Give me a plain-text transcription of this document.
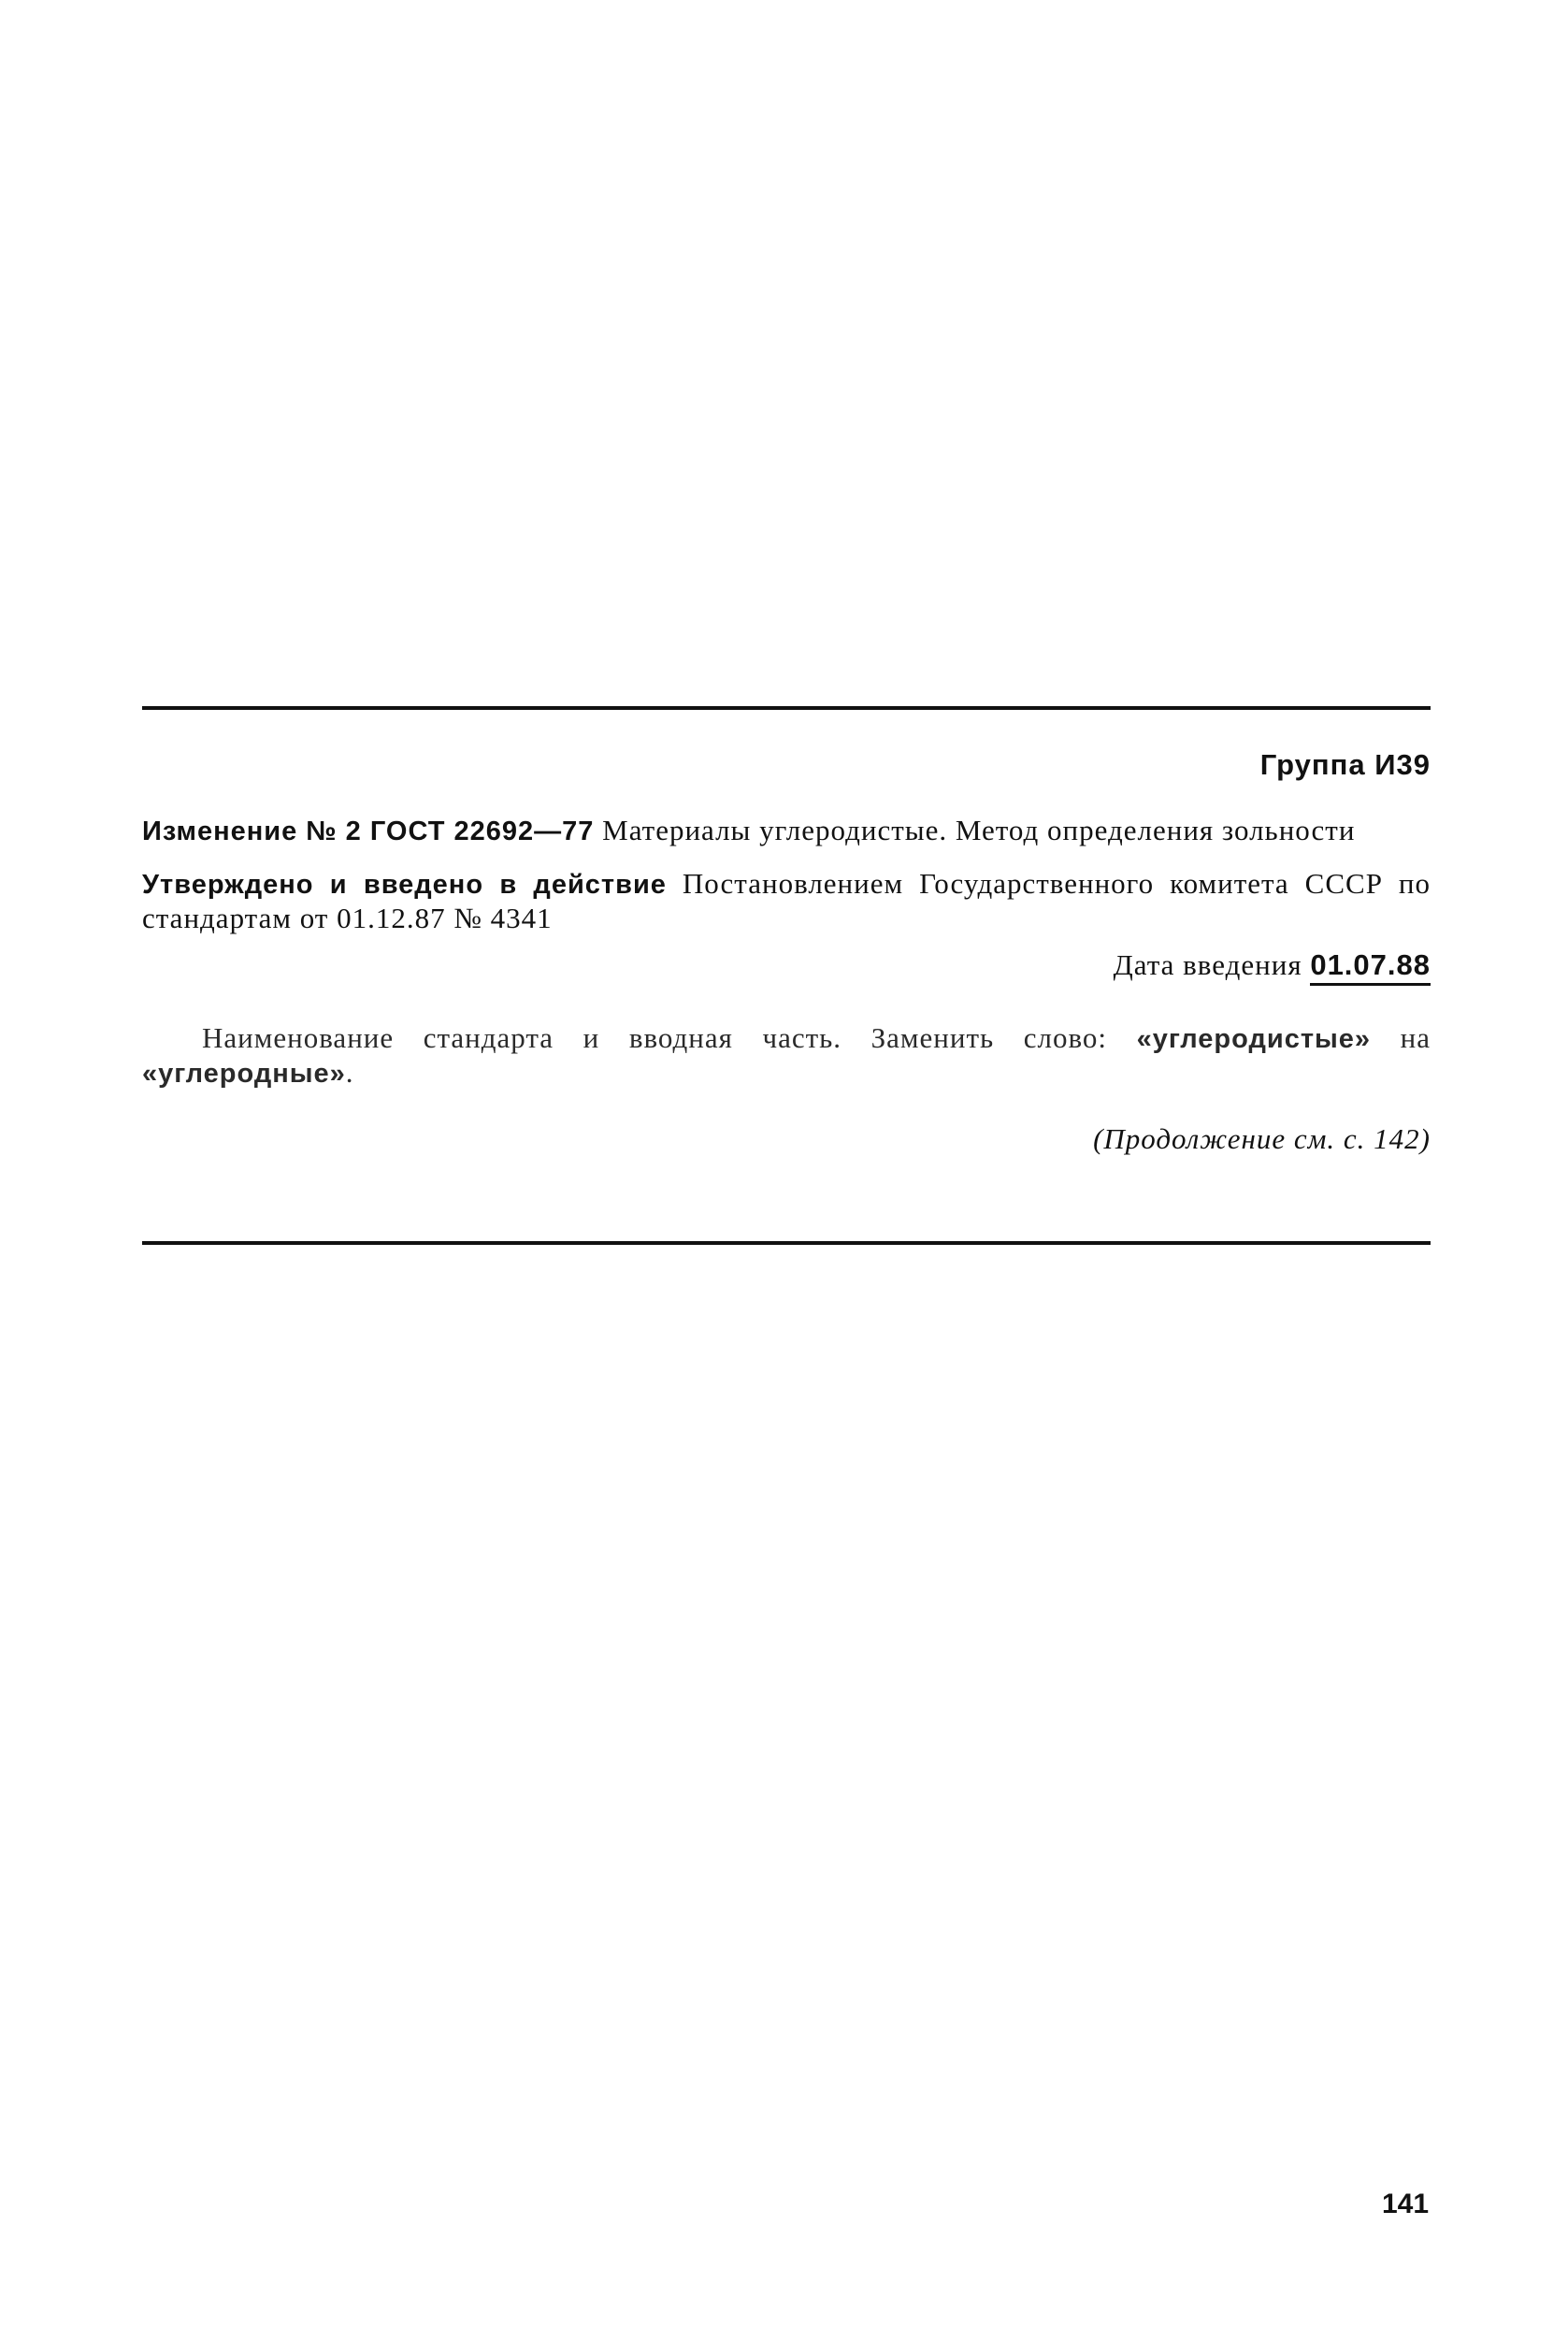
Группа И39

Изменение № 2 ГОСТ 22692—77 Материалы углеродистые. Метод определения зольности

Утверждено и введено в действие Постановлением Государственного комитета СССР по стандартам от 01.12.87 № 4341

Дата введения 01.07.88

Наименование стандарта и вводная часть. Заменить слово: «углеродистые» на «углеродные».

(Продолжение см. с. 142)
141
